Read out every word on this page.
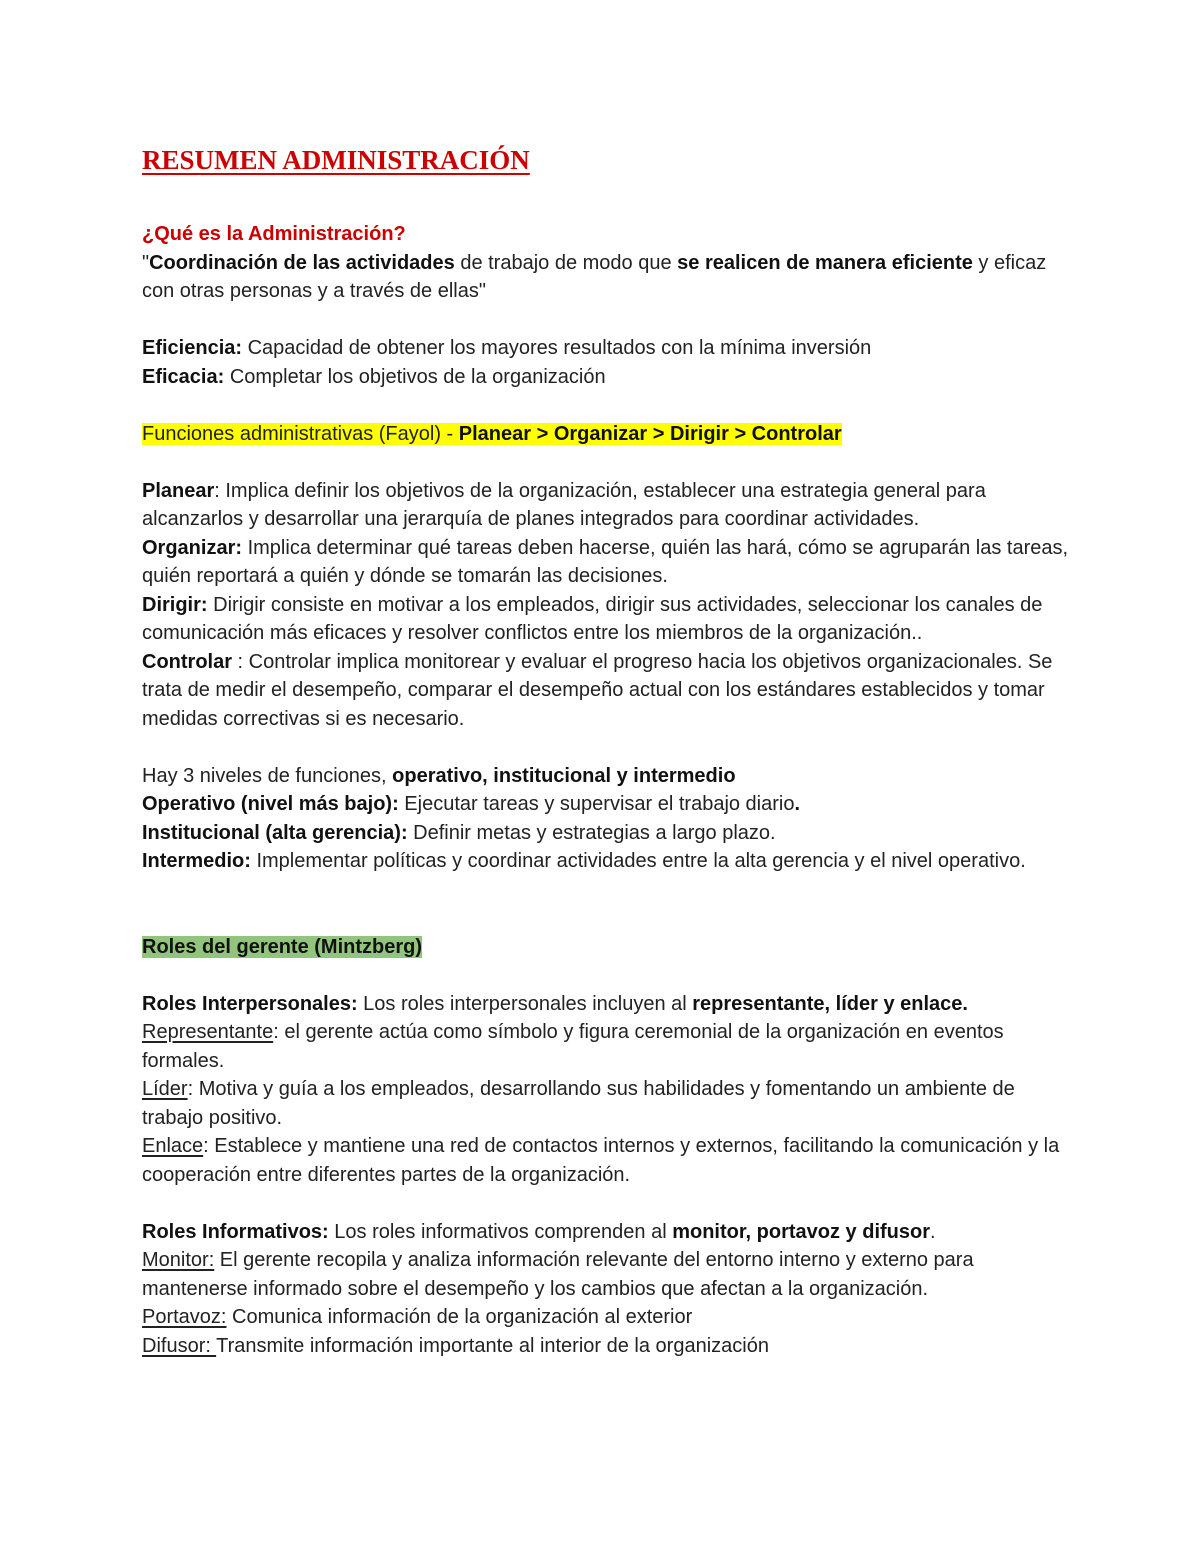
RESUMEN ADMINISTRACIÓN

¿Qué es la Administración?

"Coordinación de las actividades de trabajo de modo que se realicen de manera eficiente y eficaz con otras personas y a través de ellas"

Eficiencia: Capacidad de obtener los mayores resultados con la mínima inversión

Eficacia: Completar los objetivos de la organización

Funciones administrativas (Fayol) - Planear > Organizar > Dirigir > Controlar

Planear: Implica definir los objetivos de la organización, establecer una estrategia general para alcanzarlos y desarrollar una jerarquía de planes integrados para coordinar actividades.

Organizar: Implica determinar qué tareas deben hacerse, quién las hará, cómo se agruparán las tareas, quién reportará a quién y dónde se tomarán las decisiones.

Dirigir: Dirigir consiste en motivar a los empleados, dirigir sus actividades, seleccionar los canales de comunicación más eficaces y resolver conflictos entre los miembros de la organización..

Controlar : Controlar implica monitorear y evaluar el progreso hacia los objetivos organizacionales. Se trata de medir el desempeño, comparar el desempeño actual con los estándares establecidos y tomar medidas correctivas si es necesario.

Hay 3 niveles de funciones, operativo, institucional y intermedio

Operativo (nivel más bajo): Ejecutar tareas y supervisar el trabajo diario.

Institucional (alta gerencia): Definir metas y estrategias a largo plazo.

Intermedio: Implementar políticas y coordinar actividades entre la alta gerencia y el nivel operativo.

Roles del gerente (Mintzberg)

Roles Interpersonales: Los roles interpersonales incluyen al representante, líder y enlace.

Representante: el gerente actúa como símbolo y figura ceremonial de la organización en eventos formales.

Líder: Motiva y guía a los empleados, desarrollando sus habilidades y fomentando un ambiente de trabajo positivo.

Enlace: Establece y mantiene una red de contactos internos y externos, facilitando la comunicación y la cooperación entre diferentes partes de la organización.

Roles Informativos: Los roles informativos comprenden al monitor, portavoz y difusor.

Monitor: El gerente recopila y analiza información relevante del entorno interno y externo para mantenerse informado sobre el desempeño y los cambios que afectan a la organización.

Portavoz: Comunica información de la organización al exterior

Difusor: Transmite información importante al interior de la organización
